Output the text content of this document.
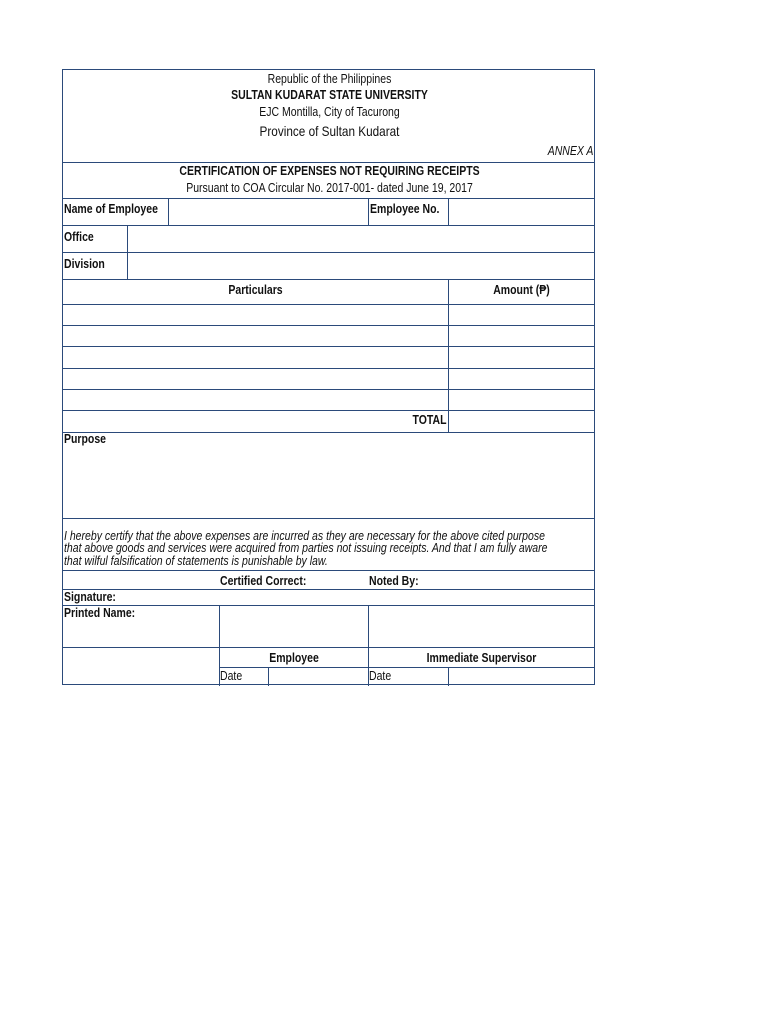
Republic of the Philippines
SULTAN KUDARAT STATE UNIVERSITY
EJC Montilla, City of Tacurong
Province of Sultan Kudarat
ANNEX A
CERTIFICATION OF EXPENSES NOT REQUIRING RECEIPTS
Pursuant to COA Circular No. 2017-001- dated June 19, 2017
Name of Employee	Employee No.
Office
Division
Particulars	Amount (₱)
TOTAL
Purpose
I hereby certify that the above expenses are incurred as they are necessary for the above cited purpose
that above goods and services were acquired from parties not issuing receipts. And that I am fully aware
that wilful falsification of statements is punishable by law.
Certified Correct:	Noted By:
Signature:
Printed Name:
Employee	Immediate Supervisor
Date	Date
